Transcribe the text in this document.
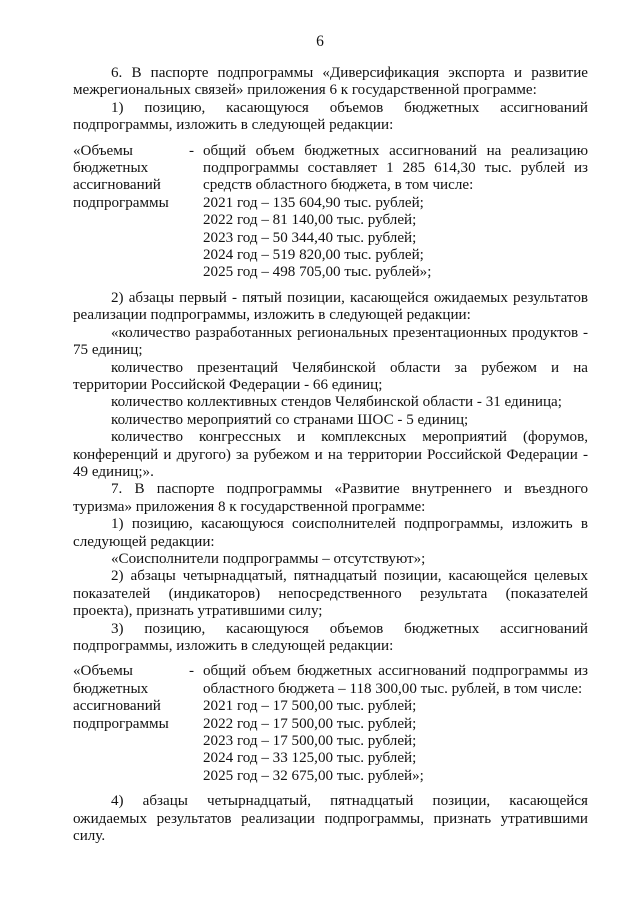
6

6. В паспорте подпрограммы «Диверсификация экспорта и развитие межрегиональных связей» приложения 6 к государственной программе:

1) позицию, касающуюся объемов бюджетных ассигнований подпрограммы, изложить в следующей редакции:

«Объемы
бюджетных
ассигнований
подпрограммы
- общий объем бюджетных ассигнований на реализацию подпрограммы составляет 1 285 614,30 тыс. рублей из средств областного бюджета, в том числе:
2021 год – 135 604,90 тыс. рублей;
2022 год – 81 140,00 тыс. рублей;
2023 год – 50 344,40 тыс. рублей;
2024 год – 519 820,00 тыс. рублей;
2025 год – 498 705,00 тыс. рублей»;

2) абзацы первый - пятый позиции, касающейся ожидаемых результатов реализации подпрограммы, изложить в следующей редакции:

«количество разработанных региональных презентационных продуктов - 75 единиц;

количество презентаций Челябинской области за рубежом и на территории Российской Федерации - 66 единиц;

количество коллективных стендов Челябинской области - 31 единица;

количество мероприятий со странами ШОС - 5 единиц;

количество конгрессных и комплексных мероприятий (форумов, конференций и другого) за рубежом и на территории Российской Федерации - 49 единиц;».

7. В паспорте подпрограммы «Развитие внутреннего и въездного туризма» приложения 8 к государственной программе:

1) позицию, касающуюся соисполнителей подпрограммы, изложить в следующей редакции:

«Соисполнители подпрограммы – отсутствуют»;

2) абзацы четырнадцатый, пятнадцатый позиции, касающейся целевых показателей (индикаторов) непосредственного результата (показателей проекта), признать утратившими силу;

3) позицию, касающуюся объемов бюджетных ассигнований подпрограммы, изложить в следующей редакции:

«Объемы
бюджетных
ассигнований
подпрограммы
- общий объем бюджетных ассигнований подпрограммы из областного бюджета – 118 300,00 тыс. рублей, в том числе:
2021 год – 17 500,00 тыс. рублей;
2022 год – 17 500,00 тыс. рублей;
2023 год – 17 500,00 тыс. рублей;
2024 год – 33 125,00 тыс. рублей;
2025 год – 32 675,00 тыс. рублей»;

4) абзацы четырнадцатый, пятнадцатый позиции, касающейся ожидаемых результатов реализации подпрограммы, признать утратившими силу.
